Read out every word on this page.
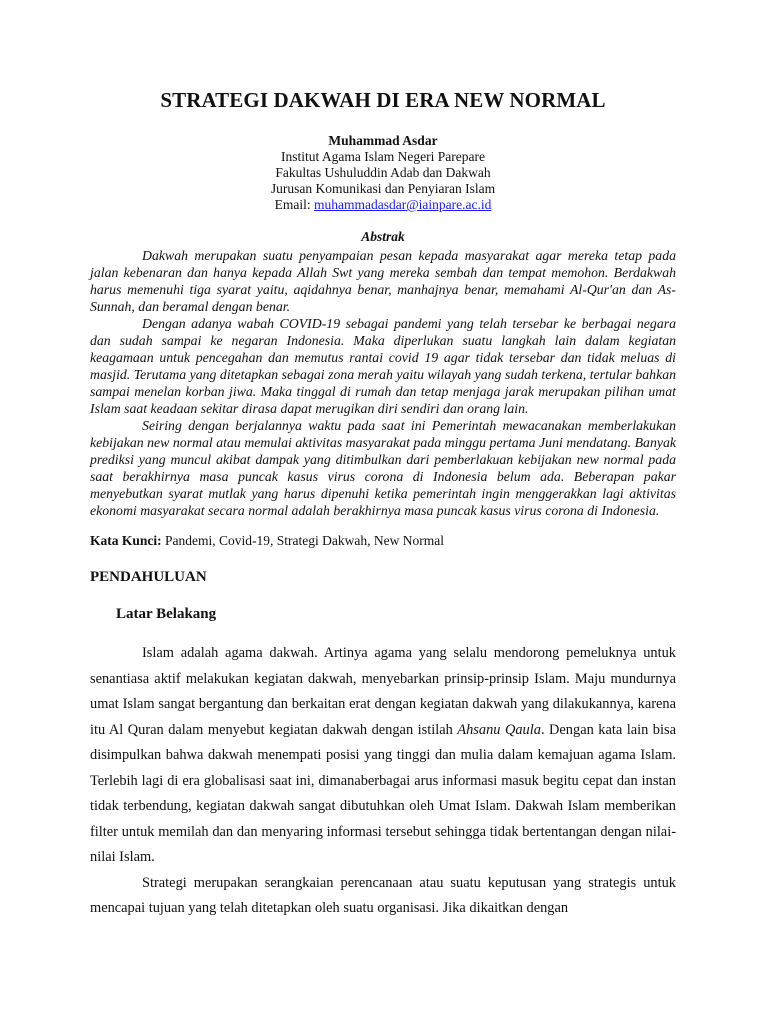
STRATEGI DAKWAH DI ERA NEW NORMAL
Muhammad Asdar
Institut Agama Islam Negeri Parepare
Fakultas Ushuluddin Adab dan Dakwah
Jurusan Komunikasi dan Penyiaran Islam
Email: muhammadasdar@iainpare.ac.id
Abstrak

Dakwah merupakan suatu penyampaian pesan kepada masyarakat agar mereka tetap pada jalan kebenaran dan hanya kepada Allah Swt yang mereka sembah dan tempat memohon. Berdakwah harus memenuhi tiga syarat yaitu, aqidahnya benar, manhajnya benar, memahami Al-Qur'an dan As-Sunnah, dan beramal dengan benar.

Dengan adanya wabah COVID-19 sebagai pandemi yang telah tersebar ke berbagai negara dan sudah sampai ke negaran Indonesia. Maka diperlukan suatu langkah lain dalam kegiatan keagamaan untuk pencegahan dan memutus rantai covid 19 agar tidak tersebar dan tidak meluas di masjid. Terutama yang ditetapkan sebagai zona merah yaitu wilayah yang sudah terkena, tertular bahkan sampai menelan korban jiwa. Maka tinggal di rumah dan tetap menjaga jarak merupakan pilihan umat Islam saat keadaan sekitar dirasa dapat merugikan diri sendiri dan orang lain.

Seiring dengan berjalannya waktu pada saat ini Pemerintah mewacanakan memberlakukan kebijakan new normal atau memulai aktivitas masyarakat pada minggu pertama Juni mendatang. Banyak prediksi yang muncul akibat dampak yang ditimbulkan dari pemberlakuan kebijakan new normal pada saat berakhirnya masa puncak kasus virus corona di Indonesia belum ada. Beberapan pakar menyebutkan syarat mutlak yang harus dipenuhi ketika pemerintah ingin menggerakkan lagi aktivitas ekonomi masyarakat secara normal adalah berakhirnya masa puncak kasus virus corona di Indonesia.

Kata Kunci: Pandemi, Covid-19, Strategi Dakwah, New Normal
PENDAHULUAN
Latar Belakang

Islam adalah agama dakwah. Artinya agama yang selalu mendorong pemeluknya untuk senantiasa aktif melakukan kegiatan dakwah, menyebarkan prinsip-prinsip Islam. Maju mundurnya umat Islam sangat bergantung dan berkaitan erat dengan kegiatan dakwah yang dilakukannya, karena itu Al Quran dalam menyebut kegiatan dakwah dengan istilah Ahsanu Qaula. Dengan kata lain bisa disimpulkan bahwa dakwah menempati posisi yang tinggi dan mulia dalam kemajuan agama Islam. Terlebih lagi di era globalisasi saat ini, dimanaberbagai arus informasi masuk begitu cepat dan instan tidak terbendung, kegiatan dakwah sangat dibutuhkan oleh Umat Islam. Dakwah Islam memberikan filter untuk memilah dan dan menyaring informasi tersebut sehingga tidak bertentangan dengan nilai-nilai Islam.

Strategi merupakan serangkaian perencanaan atau suatu keputusan yang strategis untuk mencapai tujuan yang telah ditetapkan oleh suatu organisasi. Jika dikaitkan dengan
